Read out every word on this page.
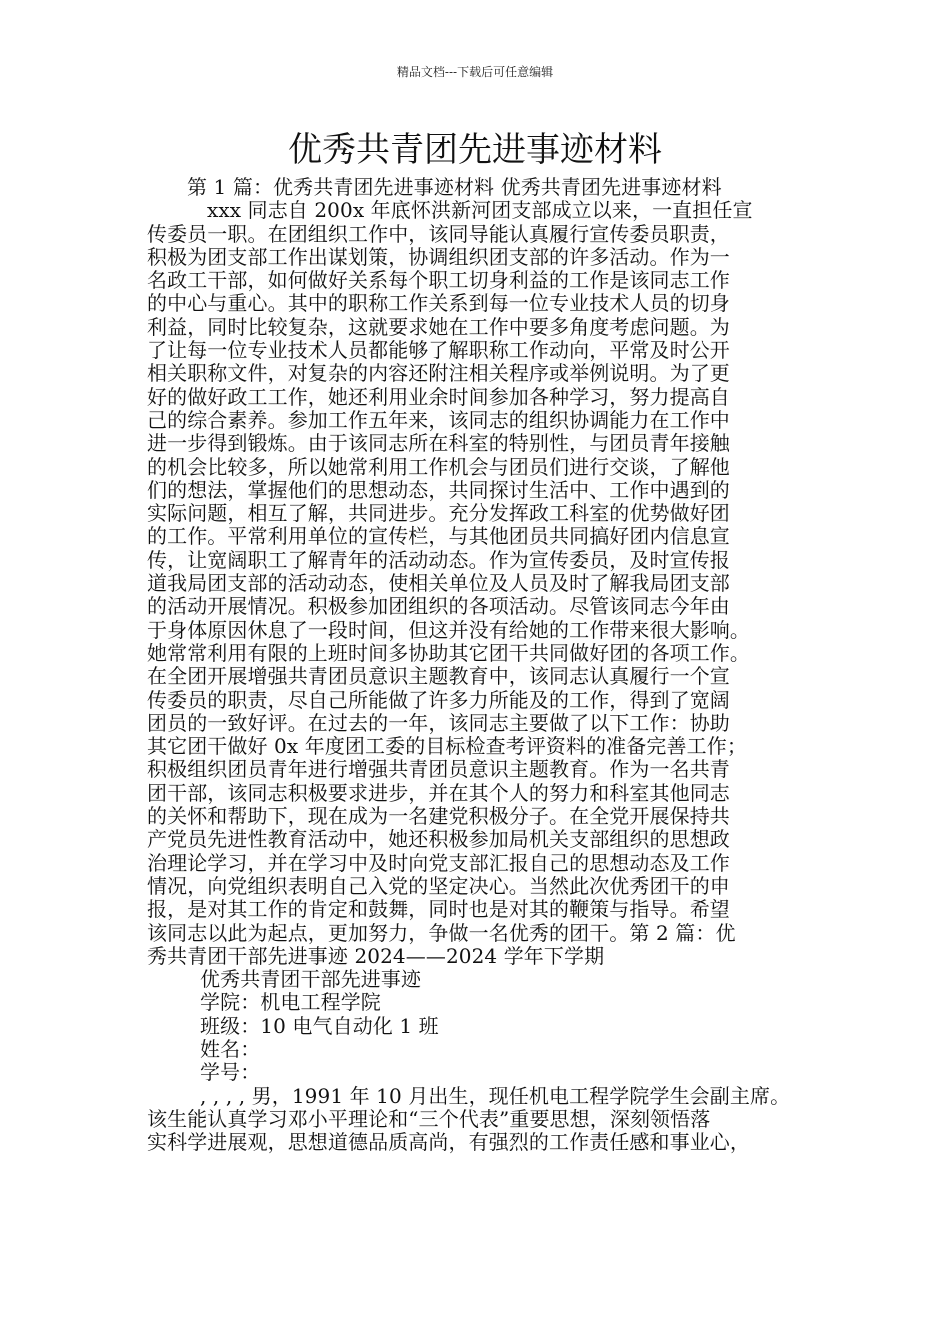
精品文档---下载后可任意编辑
优秀共青团先进事迹材料
第 1 篇：优秀共青团先进事迹材料 优秀共青团先进事迹材料
xxx 同志自 200x 年底怀洪新河团支部成立以来，一直担任宣
传委员一职。在团组织工作中，该同导能认真履行宣传委员职责，
积极为团支部工作出谋划策，协调组织团支部的许多活动。作为一
名政工干部，如何做好关系每个职工切身利益的工作是该同志工作
的中心与重心。其中的职称工作关系到每一位专业技术人员的切身
利益，同时比较复杂，这就要求她在工作中要多角度考虑问题。为
了让每一位专业技术人员都能够了解职称工作动向，平常及时公开
相关职称文件，对复杂的内容还附注相关程序或举例说明。为了更
好的做好政工工作，她还利用业余时间参加各种学习，努力提高自
己的综合素养。参加工作五年来，该同志的组织协调能力在工作中
进一步得到锻炼。由于该同志所在科室的特别性，与团员青年接触
的机会比较多，所以她常利用工作机会与团员们进行交谈，了解他
们的想法，掌握他们的思想动态，共同探讨生活中、工作中遇到的
实际问题，相互了解，共同进步。充分发挥政工科室的优势做好团
的工作。平常利用单位的宣传栏，与其他团员共同搞好团内信息宣
传，让宽阔职工了解青年的活动动态。作为宣传委员，及时宣传报
道我局团支部的活动动态，使相关单位及人员及时了解我局团支部
的活动开展情况。积极参加团组织的各项活动。尽管该同志今年由
于身体原因休息了一段时间，但这并没有给她的工作带来很大影响。
她常常利用有限的上班时间多协助其它团干共同做好团的各项工作。
在全团开展增强共青团员意识主题教育中，该同志认真履行一个宣
传委员的职责，尽自己所能做了许多力所能及的工作，得到了宽阔
团员的一致好评。在过去的一年，该同志主要做了以下工作：协助
其它团干做好 0x 年度团工委的目标检查考评资料的准备完善工作；
积极组织团员青年进行增强共青团员意识主题教育。作为一名共青
团干部，该同志积极要求进步，并在其个人的努力和科室其他同志
的关怀和帮助下，现在成为一名建党积极分子。在全党开展保持共
产党员先进性教育活动中，她还积极参加局机关支部组织的思想政
治理论学习，并在学习中及时向党支部汇报自己的思想动态及工作
情况，向党组织表明自己入党的坚定决心。当然此次优秀团干的申
报，是对其工作的肯定和鼓舞，同时也是对其的鞭策与指导。希望
该同志以此为起点，更加努力，争做一名优秀的团干。第 2 篇：优
秀共青团干部先进事迹 2024——2024 学年下学期
优秀共青团干部先进事迹
学院：机电工程学院
班级：10 电气自动化 1 班
姓名：
学号：
, , , , 男，1991 年 10 月出生，现任机电工程学院学生会副主席。
该生能认真学习邓小平理论和“三个代表”重要思想，深刻领悟落
实科学进展观，思想道德品质高尚，有强烈的工作责任感和事业心，
